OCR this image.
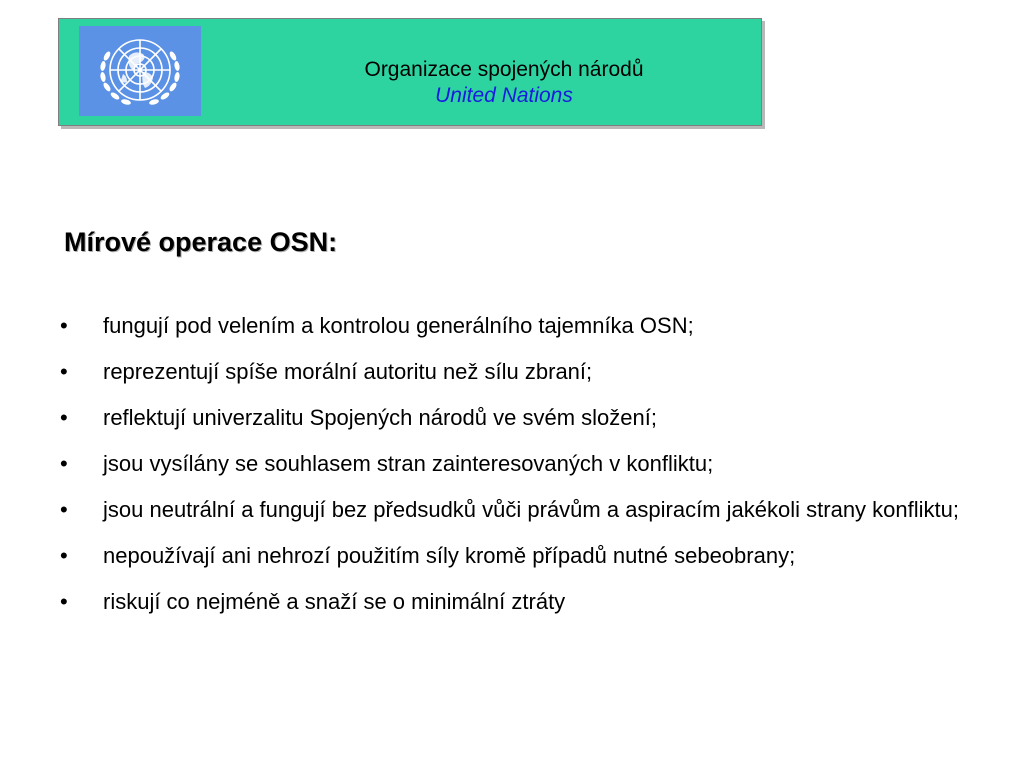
Organizace spojených národů
United Nations
Mírové operace OSN:
• fungují pod velením a kontrolou generálního tajemníka OSN;
• reprezentují spíše morální autoritu než sílu zbraní;
• reflektují univerzalitu Spojených národů ve svém složení;
• jsou vysílány se souhlasem stran zainteresovaných v konfliktu;
• jsou neutrální a fungují bez předsudků vůči právům a aspiracím jakékoli strany konfliktu;
• nepoužívají ani nehrozí použitím síly kromě případů nutné sebeobrany;
• riskují co nejméně a snaží se o minimální ztráty
